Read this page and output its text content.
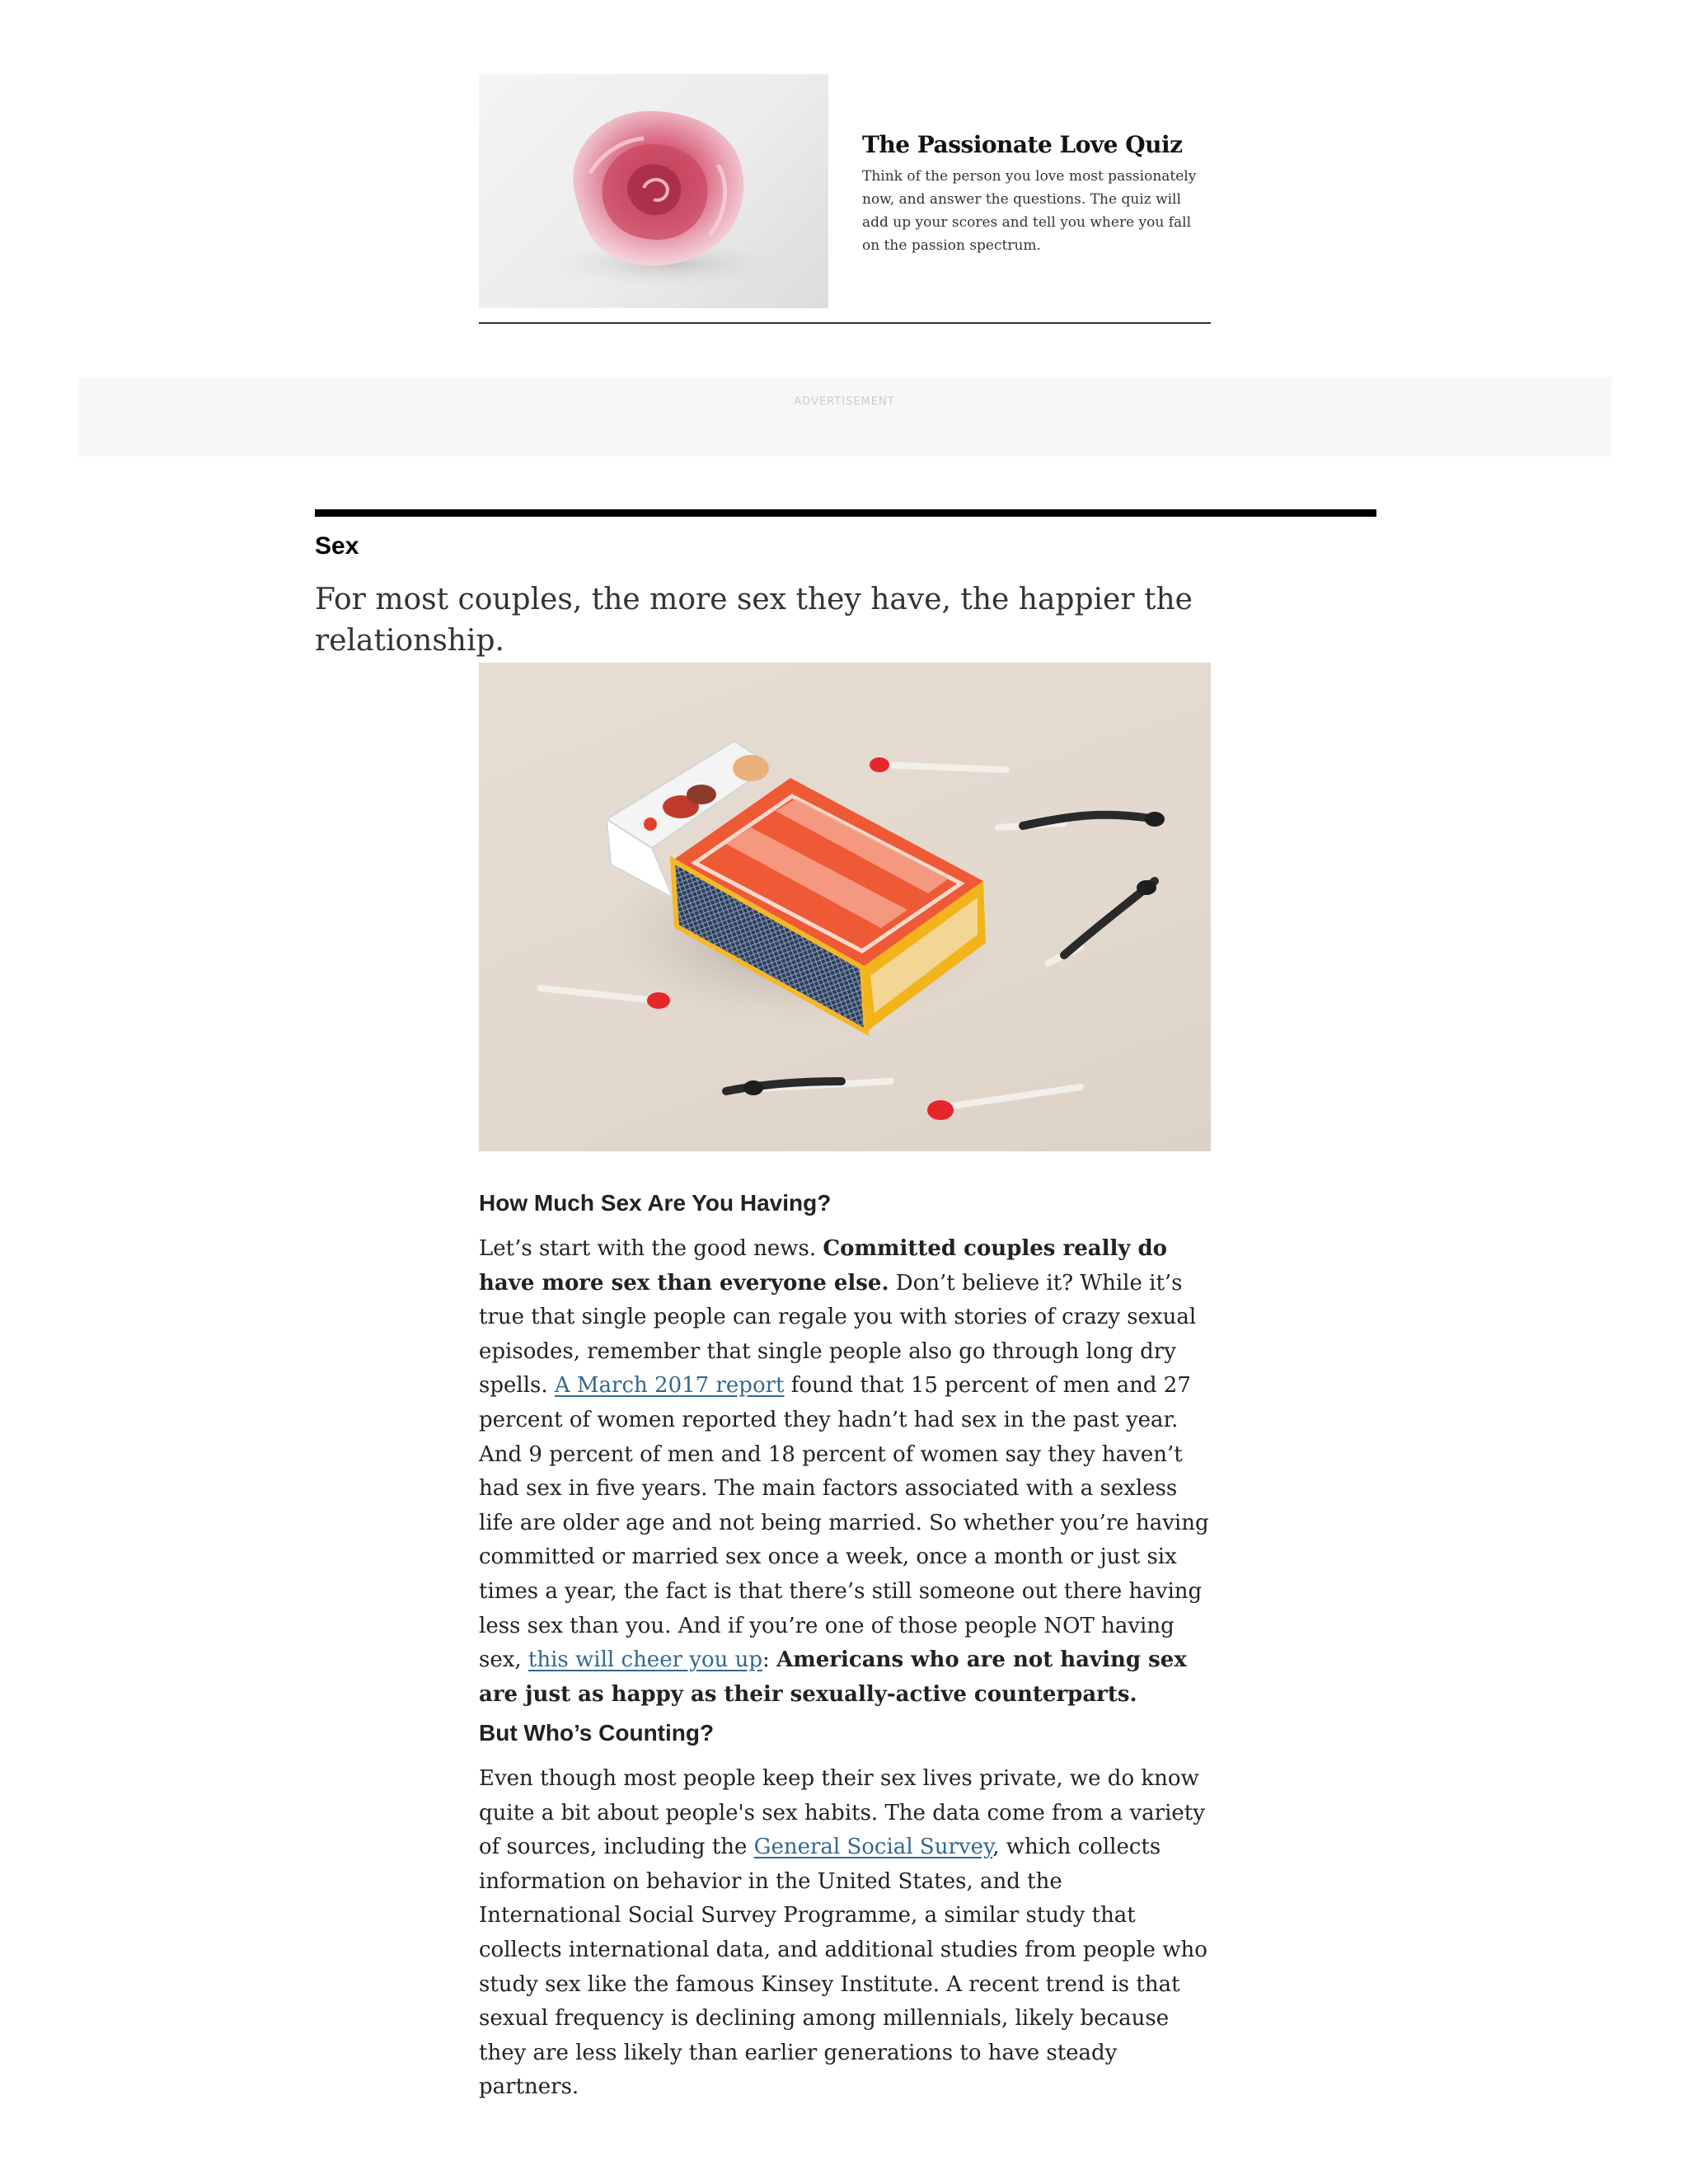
The Passionate Love Quiz
Think of the person you love most passionately now, and answer the questions. The quiz will add up your scores and tell you where you fall on the passion spectrum.
ADVERTISEMENT
Sex
For most couples, the more sex they have, the happier the relationship.
How Much Sex Are You Having?

Let’s start with the good news. Committed couples really do have more sex than everyone else. Don’t believe it? While it’s true that single people can regale you with stories of crazy sexual episodes, remember that single people also go through long dry spells. A March 2017 report found that 15 percent of men and 27 percent of women reported they hadn’t had sex in the past year. And 9 percent of men and 18 percent of women say they haven’t had sex in five years. The main factors associated with a sexless life are older age and not being married. So whether you’re having committed or married sex once a week, once a month or just six times a year, the fact is that there’s still someone out there having less sex than you. And if you’re one of those people NOT having sex, this will cheer you up: Americans who are not having sex are just as happy as their sexually-active counterparts.

But Who’s Counting?

Even though most people keep their sex lives private, we do know quite a bit about people's sex habits. The data come from a variety of sources, including the General Social Survey, which collects information on behavior in the United States, and the International Social Survey Programme, a similar study that collects international data, and additional studies from people who study sex like the famous Kinsey Institute. A recent trend is that sexual frequency is declining among millennials, likely because they are less likely than earlier generations to have steady partners.
